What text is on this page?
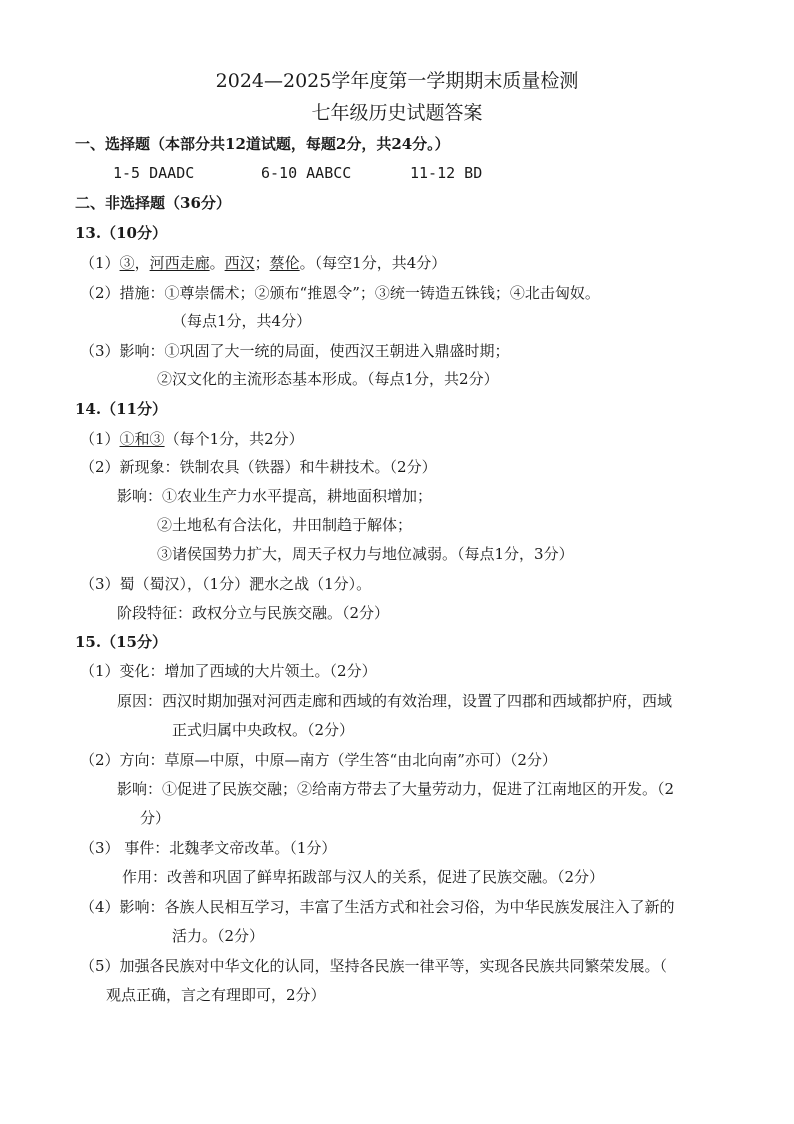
2024—2025学年度第一学期期末质量检测
七年级历史试题答案
一、选择题（本部分共12道试题，每题2分，共24分。）
1-5 DAADC	6-10 AABCC	11-12 BD
二、非选择题（36分）
13.（10分）
（1）③，河西走廊。西汉；蔡伦。（每空1分，共4分）
（2）措施：①尊崇儒术；②颁布“推恩令”；③统一铸造五铢钱；④北击匈奴。
（每点1分，共4分）
（3）影响：①巩固了大一统的局面，使西汉王朝进入鼎盛时期；
②汉文化的主流形态基本形成。（每点1分，共2分）
14.（11分）
（1）①和③（每个1分，共2分）
（2）新现象：铁制农具（铁器）和牛耕技术。（2分）
影响：①农业生产力水平提高，耕地面积增加；
②土地私有合法化，井田制趋于解体；
③诸侯国势力扩大，周天子权力与地位减弱。（每点1分，3分）
（3）蜀（蜀汉），（1分）淝水之战（1分）。
阶段特征：政权分立与民族交融。（2分）
15.（15分）
（1）变化：增加了西域的大片领土。（2分）
原因：西汉时期加强对河西走廊和西域的有效治理，设置了四郡和西域都护府，西域
正式归属中央政权。（2分）
（2）方向：草原—中原，中原—南方（学生答“由北向南”亦可）（2分）
影响：①促进了民族交融；②给南方带去了大量劳动力，促进了江南地区的开发。（2
分）
（3） 事件：北魏孝文帝改革。（1分）
作用：改善和巩固了鲜卑拓跋部与汉人的关系，促进了民族交融。（2分）
（4）影响：各族人民相互学习，丰富了生活方式和社会习俗，为中华民族发展注入了新的
活力。（2分）
（5）加强各民族对中华文化的认同，坚持各民族一律平等，实现各民族共同繁荣发展。（
观点正确，言之有理即可，2分）
